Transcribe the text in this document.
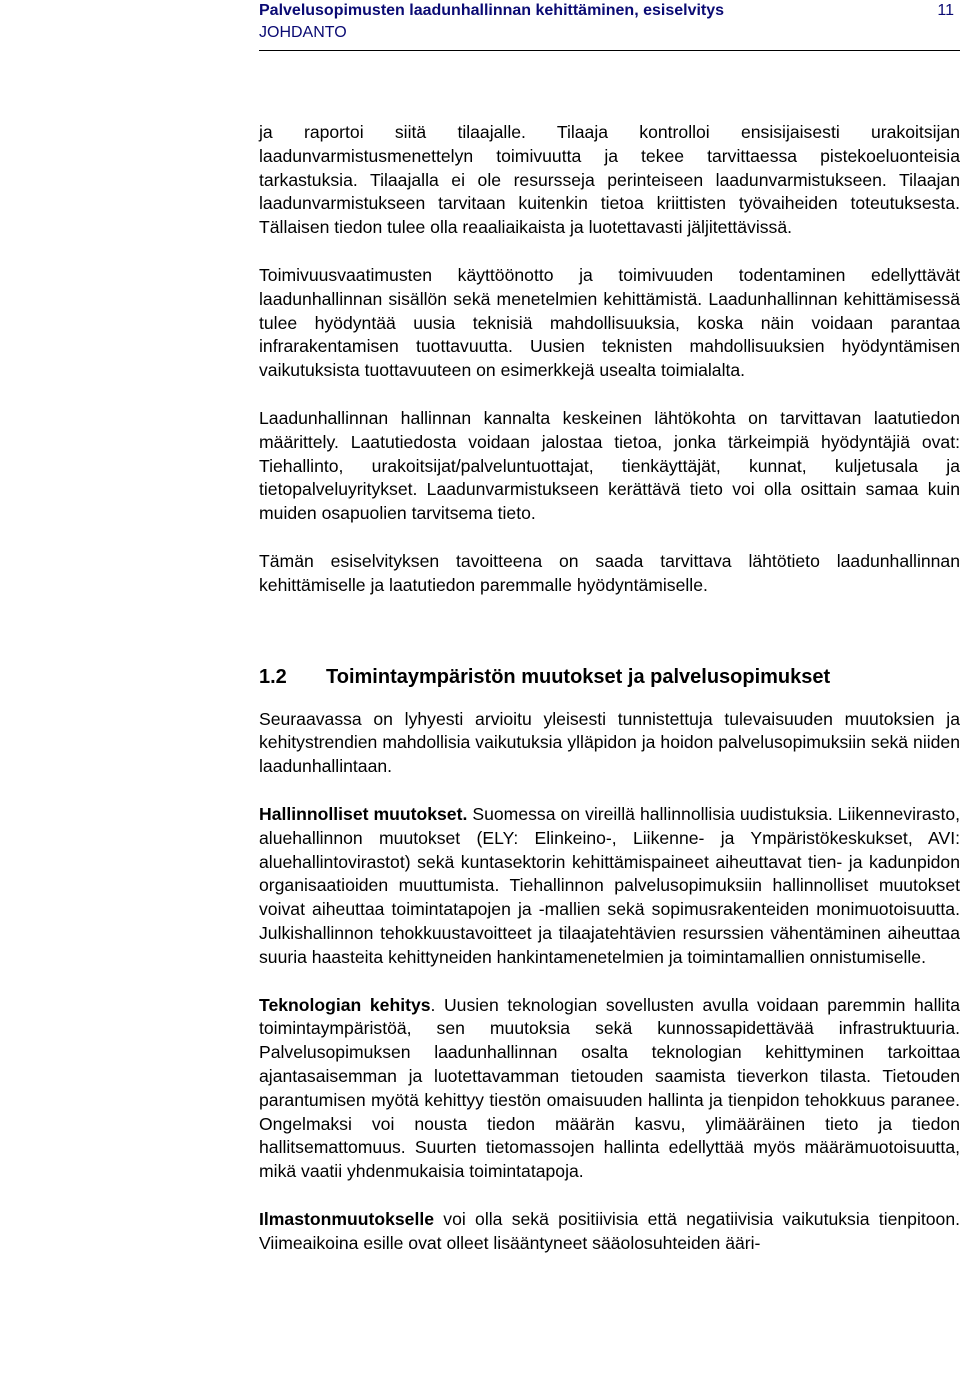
Palvelusopimusten laadunhallinnan kehittäminen, esiselvitys
JOHDANTO
11

ja raportoi siitä tilaajalle. Tilaaja kontrolloi ensisijaisesti urakoitsijan laadunvarmistusmenettelyn toimivuutta ja tekee tarvittaessa pistekoeluonteisia tarkastuksia. Tilaajalla ei ole resursseja perinteiseen laadunvarmistukseen. Tilaajan laadunvarmistukseen tarvitaan kuitenkin tietoa kriittisten työvaiheiden toteutuksesta. Tällaisen tiedon tulee olla reaaliaikaista ja luotettavasti jäljitettävissä.

Toimivuusvaatimusten käyttöönotto ja toimivuuden todentaminen edellyttävät laadunhallinnan sisällön sekä menetelmien kehittämistä. Laadunhallinnan kehittämisessä tulee hyödyntää uusia teknisiä mahdollisuuksia, koska näin voidaan parantaa infrarakentamisen tuottavuutta. Uusien teknisten mahdollisuuksien hyödyntämisen vaikutuksista tuottavuuteen on esimerkkejä usealta toimialalta.

Laadunhallinnan hallinnan kannalta keskeinen lähtökohta on tarvittavan laatutiedon määrittely. Laatutiedosta voidaan jalostaa tietoa, jonka tärkeimpiä hyödyntäjiä ovat: Tiehallinto, urakoitsijat/palveluntuottajat, tienkäyttäjät, kunnat, kuljetusala ja tietopalveluyritykset. Laadunvarmistukseen kerättävä tieto voi olla osittain samaa kuin muiden osapuolien tarvitsema tieto.

Tämän esiselvityksen tavoitteena on saada tarvittava lähtötieto laadunhallinnan kehittämiselle ja laatutiedon paremmalle hyödyntämiselle.

1.2 Toimintaympäristön muutokset ja palvelusopimukset

Seuraavassa on lyhyesti arvioitu yleisesti tunnistettuja tulevaisuuden muutoksien ja kehitystrendien mahdollisia vaikutuksia ylläpidon ja hoidon palvelusopimuksiin sekä niiden laadunhallintaan.

Hallinnolliset muutokset. Suomessa on vireillä hallinnollisia uudistuksia. Liikennevirasto, aluehallinnon muutokset (ELY: Elinkeino-, Liikenne- ja Ympäristökeskukset, AVI: aluehallintovirastot) sekä kuntasektorin kehittämispaineet aiheuttavat tien- ja kadunpidon organisaatioiden muuttumista. Tiehallinnon palvelusopimuksiin hallinnolliset muutokset voivat aiheuttaa toimintatapojen ja -mallien sekä sopimusrakenteiden monimuotoisuutta. Julkishallinnon tehokkuustavoitteet ja tilaajatehtävien resurssien vähentäminen aiheuttaa suuria haasteita kehittyneiden hankintamenetelmien ja toimintamallien onnistumiselle.

Teknologian kehitys. Uusien teknologian sovellusten avulla voidaan paremmin hallita toimintaympäristöä, sen muutoksia sekä kunnossapidettävää infrastruktuuria. Palvelusopimuksen laadunhallinnan osalta teknologian kehittyminen tarkoittaa ajantasaisemman ja luotettavamman tietouden saamista tieverkon tilasta. Tietouden parantumisen myötä kehittyy tiestön omaisuuden hallinta ja tienpidon tehokkuus paranee. Ongelmaksi voi nousta tiedon määrän kasvu, ylimääräinen tieto ja tiedon hallitsemattomuus. Suurten tietomassojen hallinta edellyttää myös määrämuotoisuutta, mikä vaatii yhdenmukaisia toimintatapoja.

Ilmastonmuutokselle voi olla sekä positiivisia että negatiivisia vaikutuksia tienpitoon. Viimeaikoina esille ovat olleet lisääntyneet sääolosuhteiden ääri-
